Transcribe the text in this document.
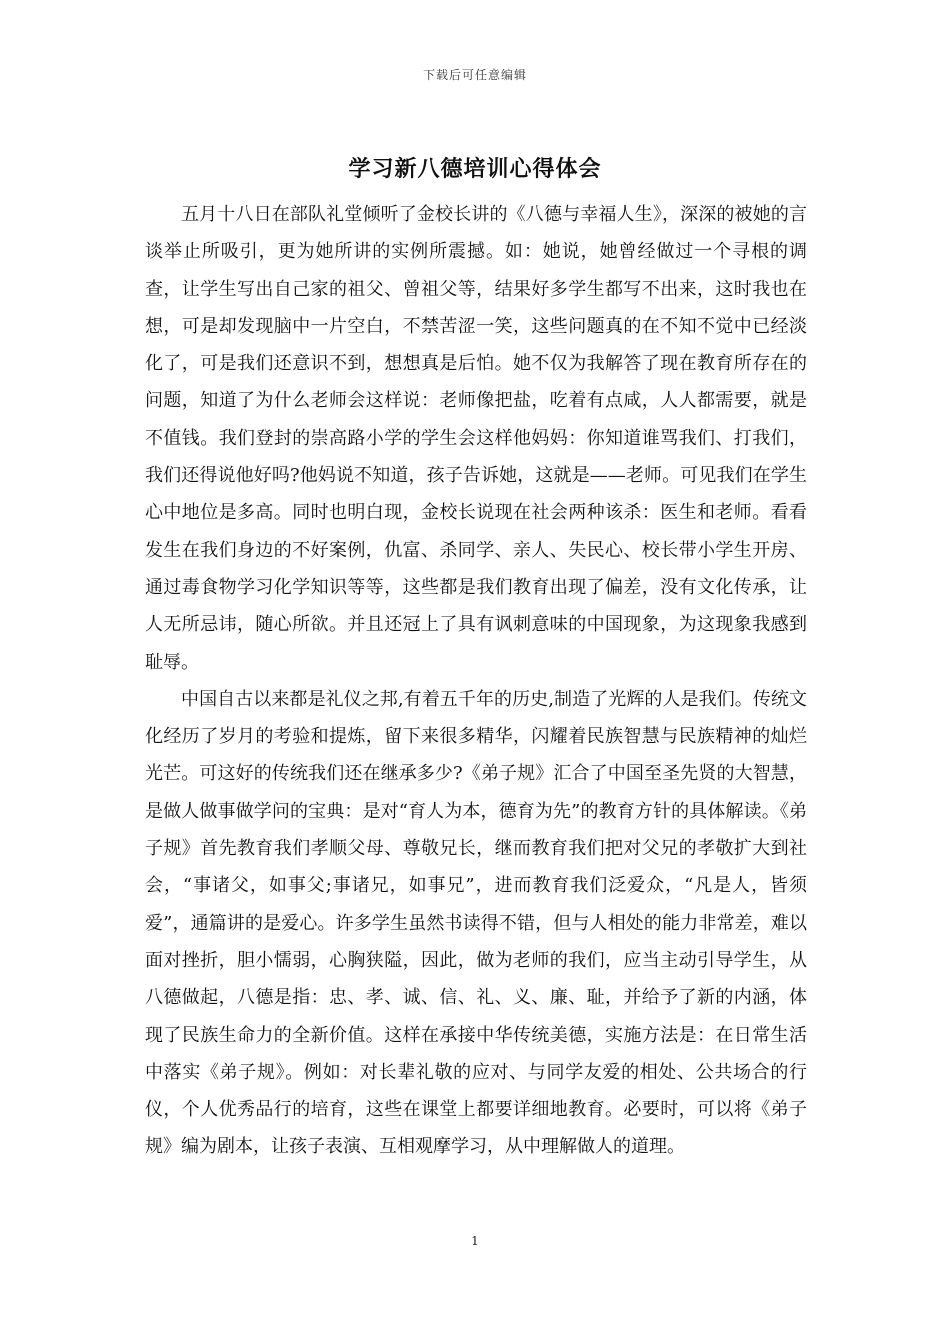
下载后可任意编辑
学习新八德培训心得体会

五月十八日在部队礼堂倾听了金校长讲的《八德与幸福人生》，深深的被她的言谈举止所吸引，更为她所讲的实例所震撼。如：她说，她曾经做过一个寻根的调查，让学生写出自己家的祖父、曾祖父等，结果好多学生都写不出来，这时我也在想，可是却发现脑中一片空白，不禁苦涩一笑，这些问题真的在不知不觉中已经淡化了，可是我们还意识不到，想想真是后怕。她不仅为我解答了现在教育所存在的问题，知道了为什么老师会这样说：老师像把盐，吃着有点咸，人人都需要，就是不值钱。我们登封的崇高路小学的学生会这样他妈妈：你知道谁骂我们、打我们，我们还得说他好吗?他妈说不知道，孩子告诉她，这就是——老师。可见我们在学生心中地位是多高。同时也明白现，金校长说现在社会两种该杀：医生和老师。看看发生在我们身边的不好案例，仇富、杀同学、亲人、失民心、校长带小学生开房、通过毒食物学习化学知识等等，这些都是我们教育出现了偏差，没有文化传承，让人无所忌讳，随心所欲。并且还冠上了具有讽刺意味的中国现象，为这现象我感到耻辱。

中国自古以来都是礼仪之邦,有着五千年的历史,制造了光辉的人是我们。传统文化经历了岁月的考验和提炼，留下来很多精华，闪耀着民族智慧与民族精神的灿烂光芒。可这好的传统我们还在继承多少?《弟子规》汇合了中国至圣先贤的大智慧，是做人做事做学问的宝典：是对“育人为本，德育为先”的教育方针的具体解读。《弟子规》首先教育我们孝顺父母、尊敬兄长，继而教育我们把对父兄的孝敬扩大到社会，“事诸父，如事父;事诸兄，如事兄”，进而教育我们泛爱众，“凡是人，皆须爱”，通篇讲的是爱心。许多学生虽然书读得不错，但与人相处的能力非常差，难以面对挫折，胆小懦弱，心胸狭隘，因此，做为老师的我们，应当主动引导学生，从八德做起，八德是指：忠、孝、诚、信、礼、义、廉、耻，并给予了新的内涵，体现了民族生命力的全新价值。这样在承接中华传统美德，实施方法是：在日常生活中落实《弟子规》。例如：对长辈礼敬的应对、与同学友爱的相处、公共场合的行仪，个人优秀品行的培育，这些在课堂上都要详细地教育。必要时，可以将《弟子规》编为剧本，让孩子表演、互相观摩学习，从中理解做人的道理。

1
